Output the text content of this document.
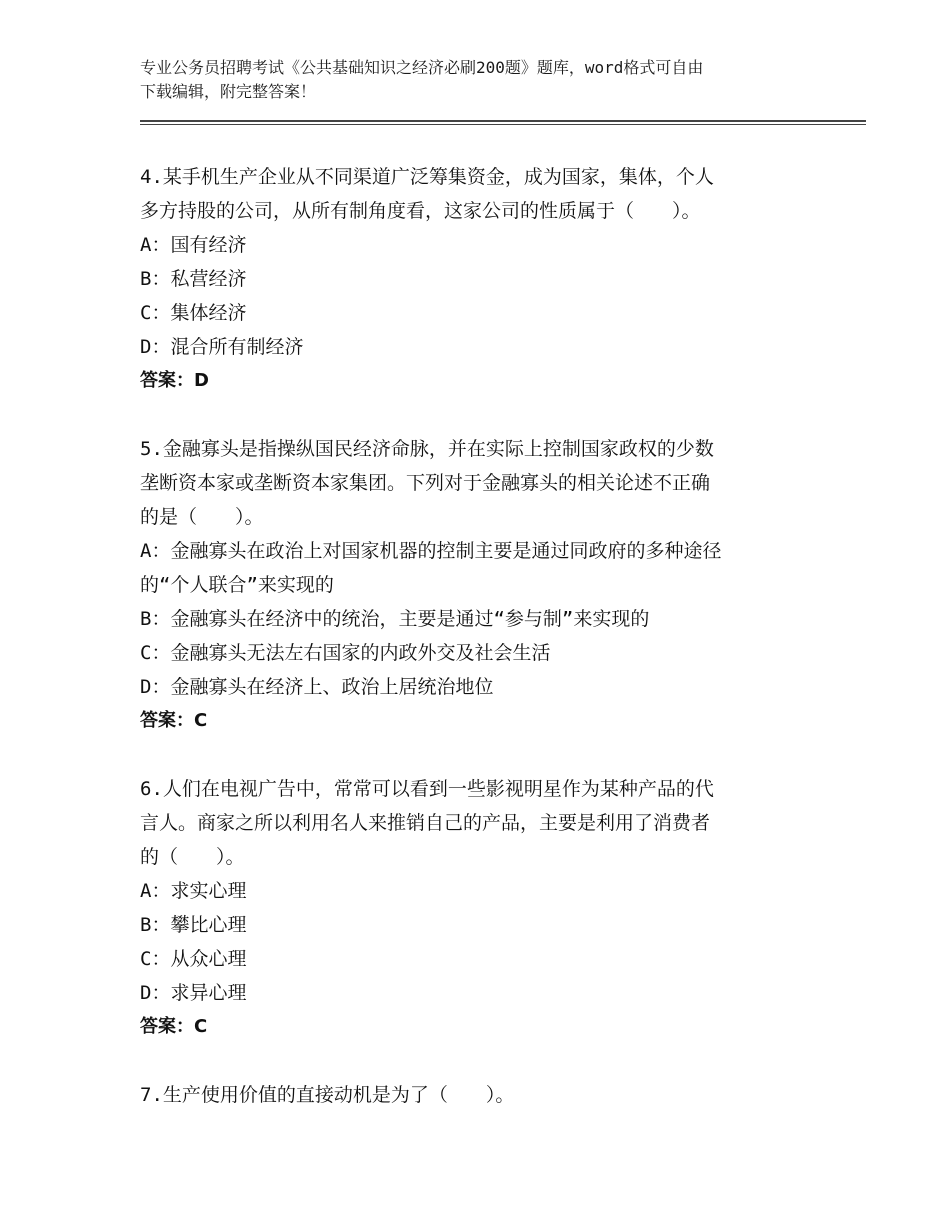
专业公务员招聘考试《公共基础知识之经济必刷200题》题库，word格式可自由
下载编辑，附完整答案！
4.某手机生产企业从不同渠道广泛筹集资金，成为国家，集体，个人
多方持股的公司，从所有制角度看，这家公司的性质属于（　　）。
A：国有经济
B：私营经济
C：集体经济
D：混合所有制经济
答案：D
5.金融寡头是指操纵国民经济命脉，并在实际上控制国家政权的少数
垄断资本家或垄断资本家集团。下列对于金融寡头的相关论述不正确
的是（　　）。
A：金融寡头在政治上对国家机器的控制主要是通过同政府的多种途径
的“个人联合”来实现的
B：金融寡头在经济中的统治，主要是通过“参与制”来实现的
C：金融寡头无法左右国家的内政外交及社会生活
D：金融寡头在经济上、政治上居统治地位
答案：C
6.人们在电视广告中，常常可以看到一些影视明星作为某种产品的代
言人。商家之所以利用名人来推销自己的产品，主要是利用了消费者
的（　　）。
A：求实心理
B：攀比心理
C：从众心理
D：求异心理
答案：C
7.生产使用价值的直接动机是为了（　　）。
